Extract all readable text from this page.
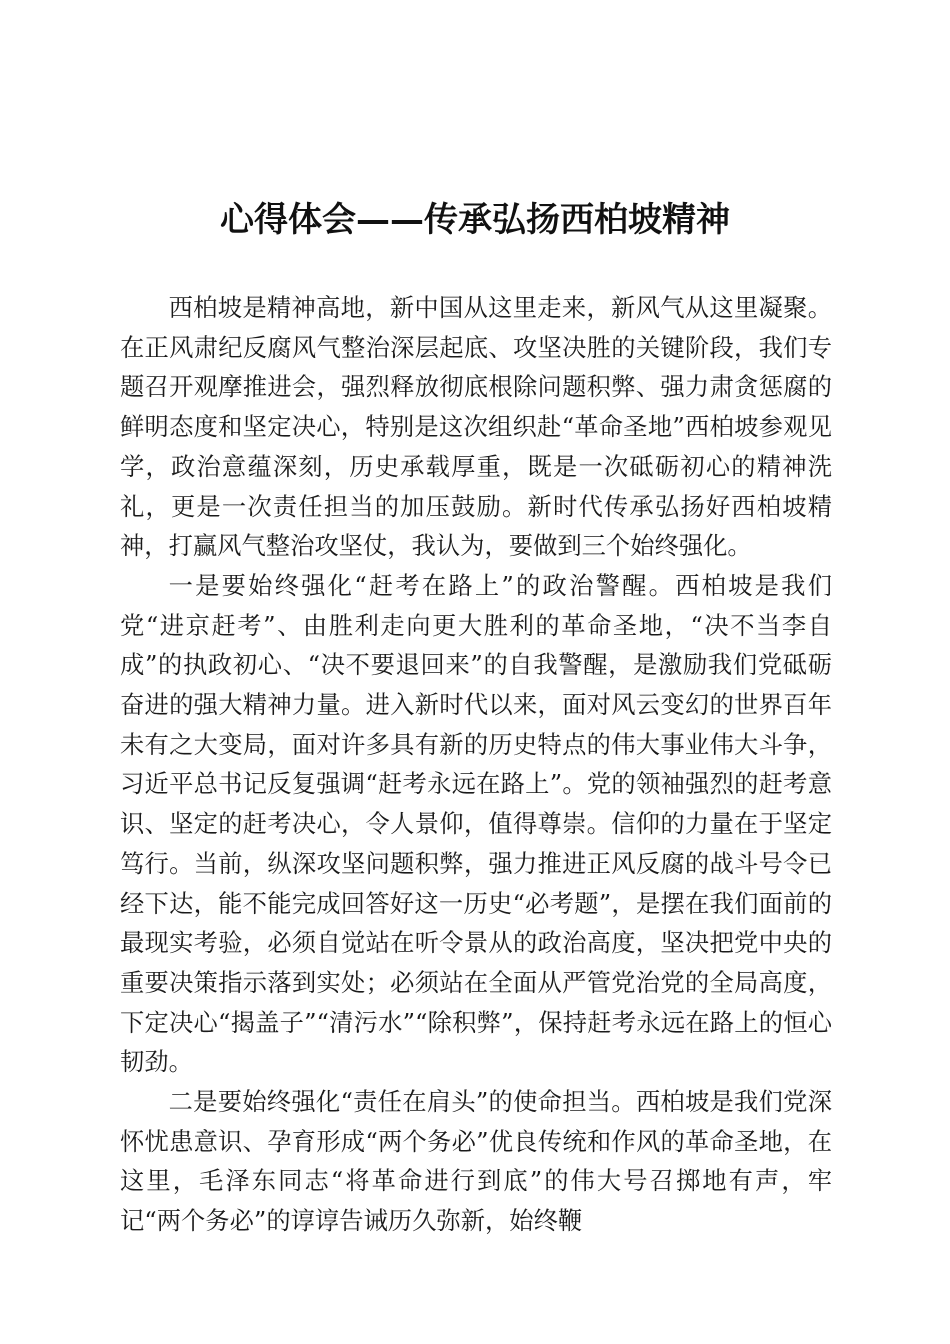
心得体会——传承弘扬西柏坡精神

西柏坡是精神高地，新中国从这里走来，新风气从这里凝聚。在正风肃纪反腐风气整治深层起底、攻坚决胜的关键阶段，我们专题召开观摩推进会，强烈释放彻底根除问题积弊、强力肃贪惩腐的鲜明态度和坚定决心，特别是这次组织赴“革命圣地”西柏坡参观见学，政治意蕴深刻，历史承载厚重，既是一次砥砺初心的精神洗礼，更是一次责任担当的加压鼓励。新时代传承弘扬好西柏坡精神，打赢风气整治攻坚仗，我认为，要做到三个始终强化。

一是要始终强化“赶考在路上”的政治警醒。西柏坡是我们党“进京赶考”、由胜利走向更大胜利的革命圣地，“决不当李自成”的执政初心、“决不要退回来”的自我警醒，是激励我们党砥砺奋进的强大精神力量。进入新时代以来，面对风云变幻的世界百年未有之大变局，面对许多具有新的历史特点的伟大事业伟大斗争，习近平总书记反复强调“赶考永远在路上”。党的领袖强烈的赶考意识、坚定的赶考决心，令人景仰，值得尊崇。信仰的力量在于坚定笃行。当前，纵深攻坚问题积弊，强力推进正风反腐的战斗号令已经下达，能不能完成回答好这一历史“必考题”，是摆在我们面前的最现实考验，必须自觉站在听令景从的政治高度，坚决把党中央的重要决策指示落到实处；必须站在全面从严管党治党的全局高度，下定决心“揭盖子”“清污水”“除积弊”，保持赶考永远在路上的恒心韧劲。

二是要始终强化“责任在肩头”的使命担当。西柏坡是我们党深怀忧患意识、孕育形成“两个务必”优良传统和作风的革命圣地，在这里，毛泽东同志“将革命进行到底”的伟大号召掷地有声，牢记“两个务必”的谆谆告诫历久弥新，始终鞭
